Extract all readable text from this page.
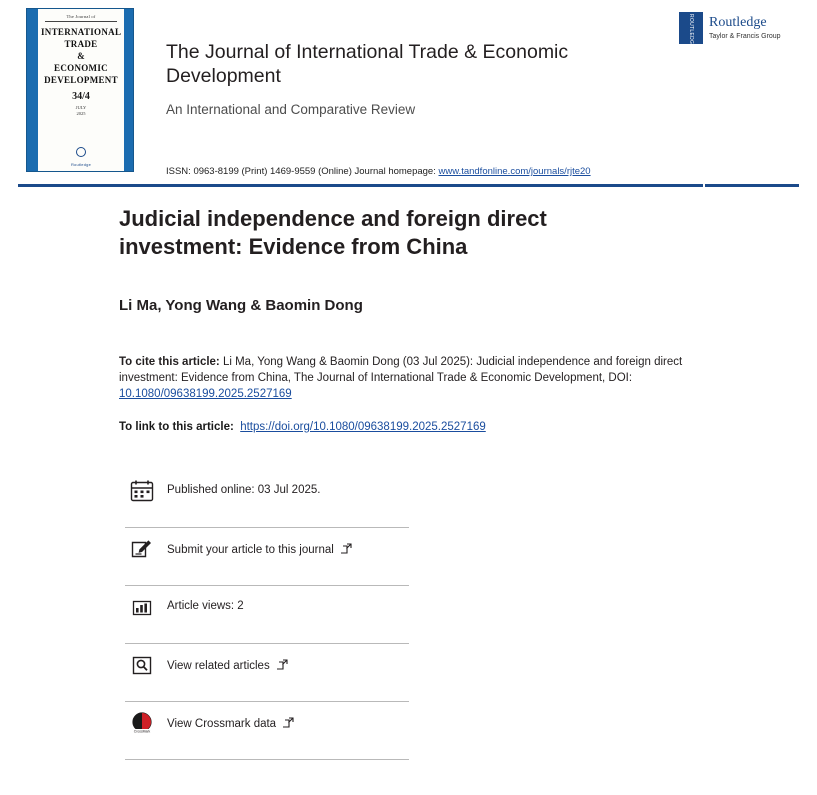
The Journal of
INTERNATIONAL
TRADE
&
ECONOMIC
DEVELOPMENT
34/4
JULY
2025
Routledge
The Journal of International Trade & Economic Development
An International and Comparative Review
ROUTLEDGE	Routledge
Taylor & Francis Group
ISSN: 0963-8199 (Print) 1469-9559 (Online) Journal homepage: www.tandfonline.com/journals/rjte20
Judicial independence and foreign direct investment: Evidence from China
Li Ma, Yong Wang & Baomin Dong
To cite this article: Li Ma, Yong Wang & Baomin Dong (03 Jul 2025): Judicial independence and foreign direct investment: Evidence from China, The Journal of International Trade & Economic Development, DOI: 10.1080/09638199.2025.2527169
To link to this article: https://doi.org/10.1080/09638199.2025.2527169
Published online: 03 Jul 2025.
Submit your article to this journal
Article views: 2
View related articles
CrossMark
View Crossmark data
